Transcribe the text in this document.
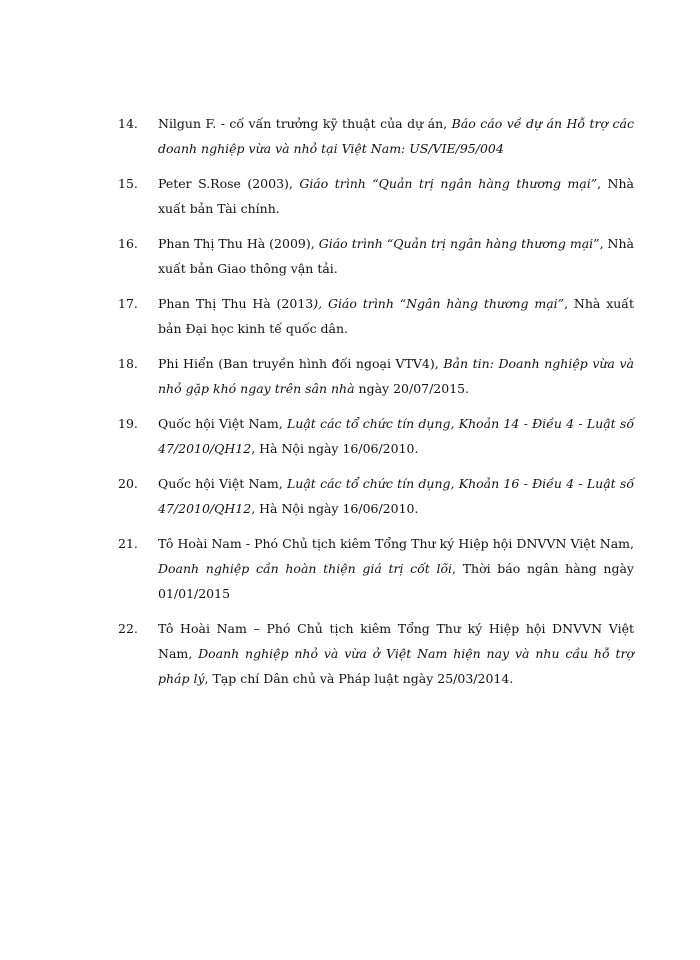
14.	Nilgun F. - cố vấn trưởng kỹ thuật của dự án, Báo cáo về dự án Hỗ trợ các doanh nghiệp vừa và nhỏ tại Việt Nam: US/VIE/95/004
15.	Peter S.Rose (2003), Giáo trình “Quản trị ngân hàng thương mại”, Nhà xuất bản Tài chính.
16.	Phan Thị Thu Hà (2009), Giáo trình “Quản trị ngân hàng thương mại”, Nhà xuất bản Giao thông vận tải.
17.	Phan Thị Thu Hà (2013), Giáo trình “Ngân hàng thương mại”, Nhà xuất bản Đại học kinh tế quốc dân.
18.	Phi Hiển (Ban truyền hình đối ngoại VTV4), Bản tin: Doanh nghiệp vừa và nhỏ gặp khó ngay trên sân nhà ngày 20/07/2015.
19.	Quốc hội Việt Nam, Luật các tổ chức tín dụng, Khoản 14 - Điều 4 - Luật số 47/2010/QH12, Hà Nội ngày 16/06/2010.
20.	Quốc hội Việt Nam, Luật các tổ chức tín dụng, Khoản 16 - Điều 4 - Luật số 47/2010/QH12, Hà Nội ngày 16/06/2010.
21.	Tô Hoài Nam - Phó Chủ tịch kiêm Tổng Thư ký Hiệp hội DNVVN Việt Nam, Doanh nghiệp cần hoàn thiện giá trị cốt lõi, Thời báo ngân hàng ngày 01/01/2015
22.	Tô Hoài Nam – Phó Chủ tịch kiêm Tổng Thư ký Hiệp hội DNVVN Việt Nam, Doanh nghiệp nhỏ và vừa ở Việt Nam hiện nay và nhu cầu hỗ trợ pháp lý, Tạp chí Dân chủ và Pháp luật ngày 25/03/2014.
